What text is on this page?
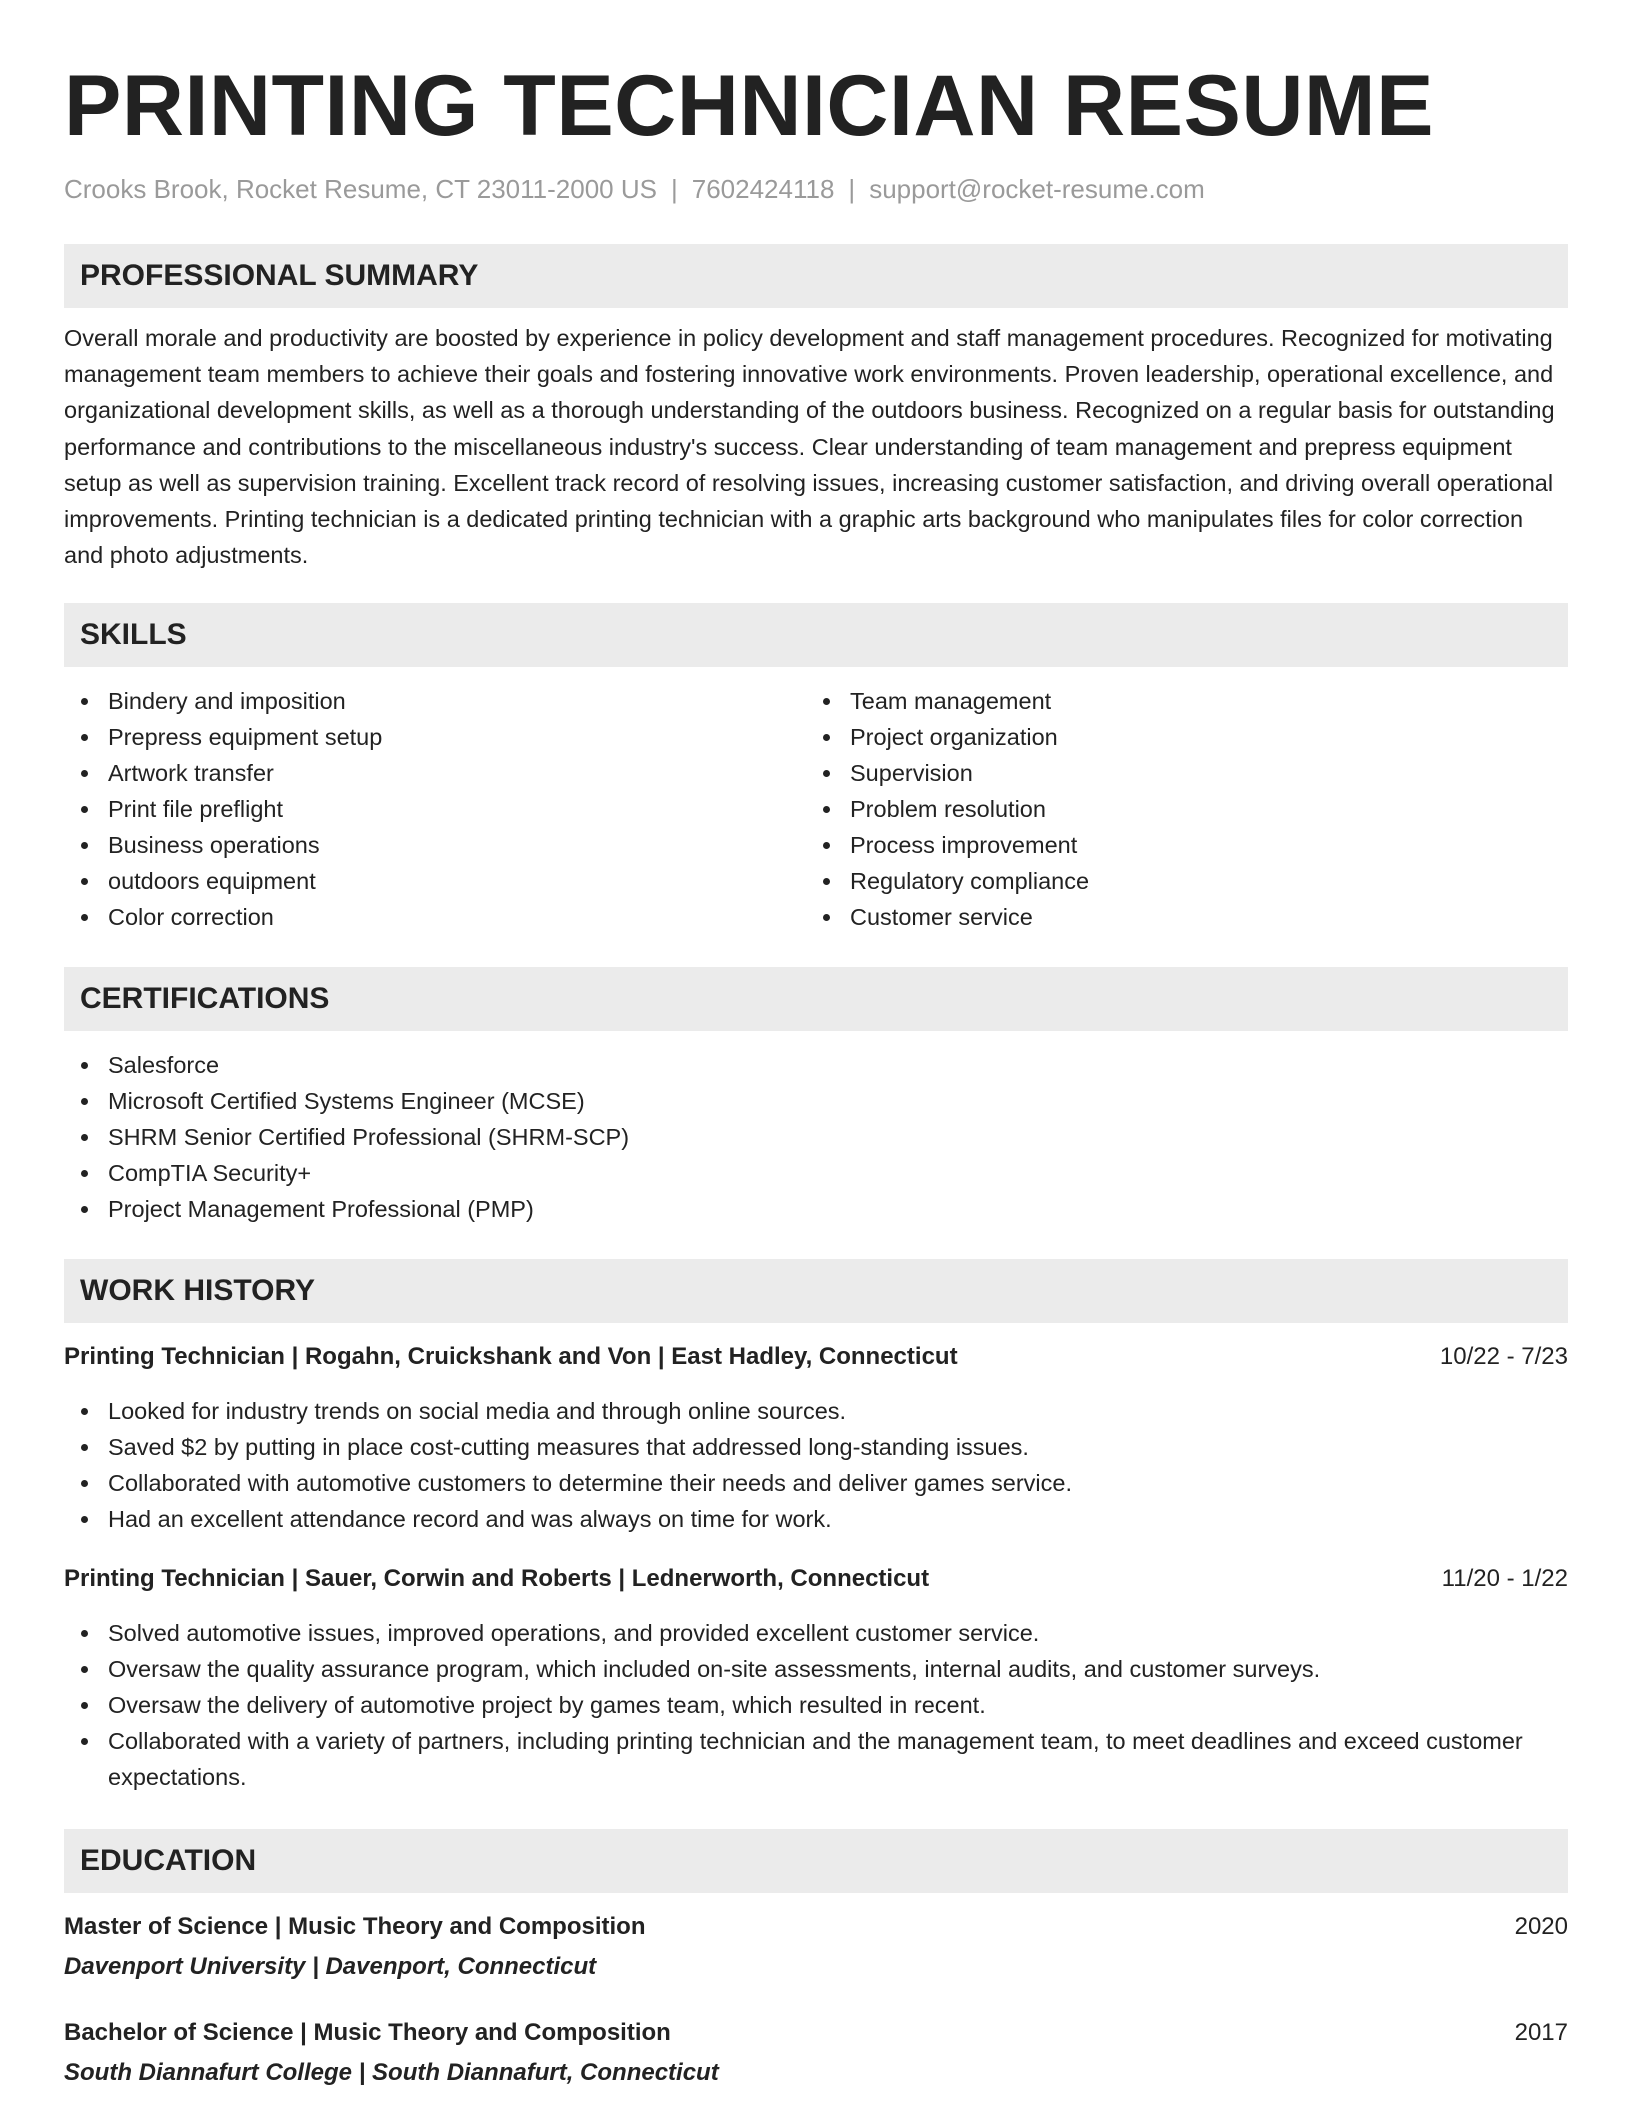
PRINTING TECHNICIAN RESUME
Crooks Brook, Rocket Resume, CT 23011-2000 US | 7602424118 | support@rocket-resume.com
PROFESSIONAL SUMMARY

Overall morale and productivity are boosted by experience in policy development and staff management procedures. Recognized for motivating management team members to achieve their goals and fostering innovative work environments. Proven leadership, operational excellence, and organizational development skills, as well as a thorough understanding of the outdoors business. Recognized on a regular basis for outstanding performance and contributions to the miscellaneous industry's success. Clear understanding of team management and prepress equipment setup as well as supervision training. Excellent track record of resolving issues, increasing customer satisfaction, and driving overall operational improvements. Printing technician is a dedicated printing technician with a graphic arts background who manipulates files for color correction and photo adjustments.

SKILLS
Bindery and imposition
Prepress equipment setup
Artwork transfer
Print file preflight
Business operations
outdoors equipment
Color correction
Team management
Project organization
Supervision
Problem resolution
Process improvement
Regulatory compliance
Customer service
CERTIFICATIONS
Salesforce
Microsoft Certified Systems Engineer (MCSE)
SHRM Senior Certified Professional (SHRM-SCP)
CompTIA Security+
Project Management Professional (PMP)
WORK HISTORY
Printing Technician | Rogahn, Cruickshank and Von | East Hadley, Connecticut	10/22 - 7/23
Looked for industry trends on social media and through online sources.
Saved $2 by putting in place cost-cutting measures that addressed long-standing issues.
Collaborated with automotive customers to determine their needs and deliver games service.
Had an excellent attendance record and was always on time for work.
Printing Technician | Sauer, Corwin and Roberts | Lednerworth, Connecticut	11/20 - 1/22
Solved automotive issues, improved operations, and provided excellent customer service.
Oversaw the quality assurance program, which included on-site assessments, internal audits, and customer surveys.
Oversaw the delivery of automotive project by games team, which resulted in recent.
Collaborated with a variety of partners, including printing technician and the management team, to meet deadlines and exceed customer expectations.
EDUCATION
Master of Science | Music Theory and Composition	2020
Davenport University | Davenport, Connecticut
Bachelor of Science | Music Theory and Composition	2017
South Diannafurt College | South Diannafurt, Connecticut
